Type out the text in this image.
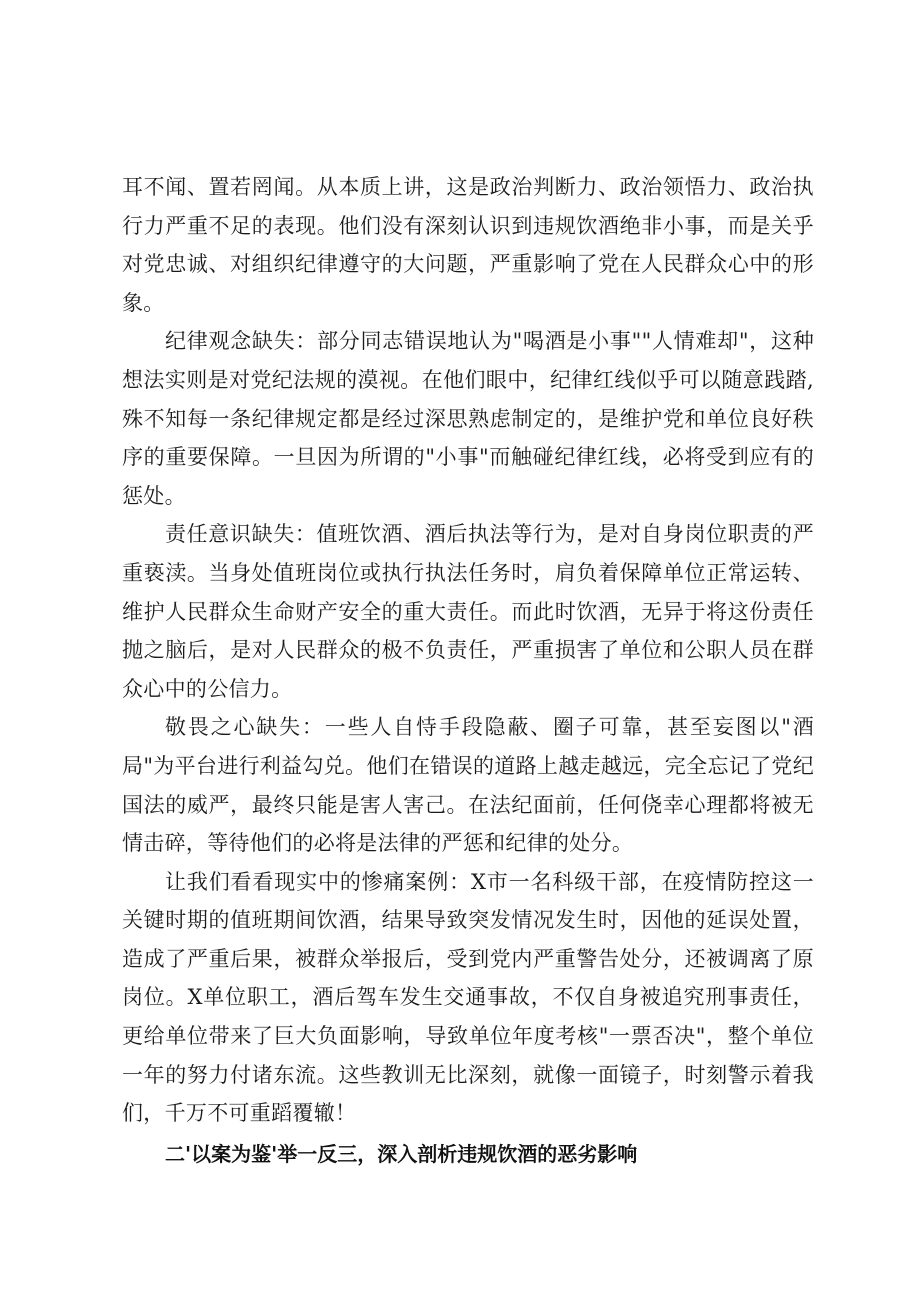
耳不闻、置若罔闻。从本质上讲，这是政治判断力、政治领悟力、政治执行力严重不足的表现。他们没有深刻认识到违规饮酒绝非小事，而是关乎对党忠诚、对组织纪律遵守的大问题，严重影响了党在人民群众心中的形象。

纪律观念缺失：部分同志错误地认为"喝酒是小事""人情难却"，这种想法实则是对党纪法规的漠视。在他们眼中，纪律红线似乎可以随意践踏,殊不知每一条纪律规定都是经过深思熟虑制定的，是维护党和单位良好秩序的重要保障。一旦因为所谓的"小事"而触碰纪律红线，必将受到应有的惩处。

责任意识缺失：值班饮酒、酒后执法等行为，是对自身岗位职责的严重亵渎。当身处值班岗位或执行执法任务时，肩负着保障单位正常运转、维护人民群众生命财产安全的重大责任。而此时饮酒，无异于将这份责任抛之脑后，是对人民群众的极不负责任，严重损害了单位和公职人员在群众心中的公信力。

敬畏之心缺失：一些人自恃手段隐蔽、圈子可靠，甚至妄图以"酒局"为平台进行利益勾兑。他们在错误的道路上越走越远，完全忘记了党纪国法的威严，最终只能是害人害己。在法纪面前，任何侥幸心理都将被无情击碎，等待他们的必将是法律的严惩和纪律的处分。

让我们看看现实中的惨痛案例：X市一名科级干部，在疫情防控这一关键时期的值班期间饮酒，结果导致突发情况发生时，因他的延误处置，造成了严重后果，被群众举报后，受到党内严重警告处分，还被调离了原岗位。X单位职工，酒后驾车发生交通事故，不仅自身被追究刑事责任，更给单位带来了巨大负面影响，导致单位年度考核"一票否决"，整个单位一年的努力付诸东流。这些教训无比深刻，就像一面镜子，时刻警示着我们，千万不可重蹈覆辙！

二'以案为鉴'举一反三，深入剖析违规饮酒的恶劣影响
